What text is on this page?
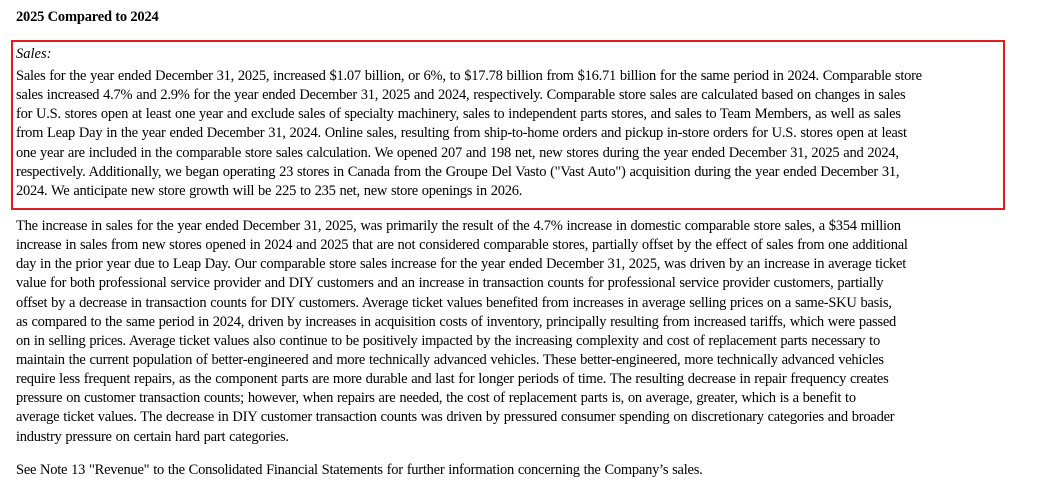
2025 Compared to 2024
Sales:
Sales for the year ended December 31, 2025, increased $1.07 billion, or 6%, to $17.78 billion from $16.71 billion for the same period in 2024. Comparable store
sales increased 4.7% and 2.9% for the year ended December 31, 2025 and 2024, respectively. Comparable store sales are calculated based on changes in sales
for U.S. stores open at least one year and exclude sales of specialty machinery, sales to independent parts stores, and sales to Team Members, as well as sales
from Leap Day in the year ended December 31, 2024. Online sales, resulting from ship-to-home orders and pickup in-store orders for U.S. stores open at least
one year are included in the comparable store sales calculation. We opened 207 and 198 net, new stores during the year ended December 31, 2025 and 2024,
respectively. Additionally, we began operating 23 stores in Canada from the Groupe Del Vasto ("Vast Auto") acquisition during the year ended December 31,
2024. We anticipate new store growth will be 225 to 235 net, new store openings in 2026.
The increase in sales for the year ended December 31, 2025, was primarily the result of the 4.7% increase in domestic comparable store sales, a $354 million
increase in sales from new stores opened in 2024 and 2025 that are not considered comparable stores, partially offset by the effect of sales from one additional
day in the prior year due to Leap Day. Our comparable store sales increase for the year ended December 31, 2025, was driven by an increase in average ticket
value for both professional service provider and DIY customers and an increase in transaction counts for professional service provider customers, partially
offset by a decrease in transaction counts for DIY customers. Average ticket values benefited from increases in average selling prices on a same-SKU basis,
as compared to the same period in 2024, driven by increases in acquisition costs of inventory, principally resulting from increased tariffs, which were passed
on in selling prices. Average ticket values also continue to be positively impacted by the increasing complexity and cost of replacement parts necessary to
maintain the current population of better-engineered and more technically advanced vehicles. These better-engineered, more technically advanced vehicles
require less frequent repairs, as the component parts are more durable and last for longer periods of time. The resulting decrease in repair frequency creates
pressure on customer transaction counts; however, when repairs are needed, the cost of replacement parts is, on average, greater, which is a benefit to
average ticket values. The decrease in DIY customer transaction counts was driven by pressured consumer spending on discretionary categories and broader
industry pressure on certain hard part categories.
See Note 13 "Revenue" to the Consolidated Financial Statements for further information concerning the Company’s sales.
